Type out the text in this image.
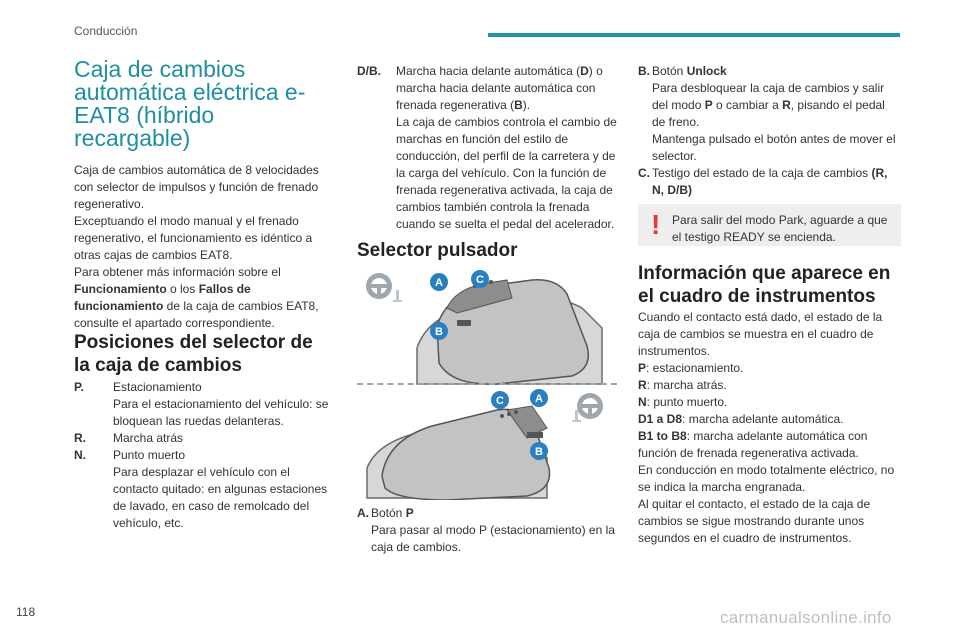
Conducción
Caja de cambios automática eléctrica e-EAT8 (híbrido recargable)

Caja de cambios automática de 8 velocidades con selector de impulsos y función de frenado regenerativo.

Exceptuando el modo manual y el frenado regenerativo, el funcionamiento es idéntico a otras cajas de cambios EAT8.

Para obtener más información sobre el Funcionamiento o los Fallos de funcionamiento de la caja de cambios EAT8, consulte el apartado correspondiente.

Posiciones del selector de la caja de cambios
P. Estacionamiento
Para el estacionamiento del vehículo: se bloquean las ruedas delanteras.
R. Marcha atrás
N. Punto muerto
Para desplazar el vehículo con el contacto quitado: en algunas estaciones de lavado, en caso de remolcado del vehículo, etc.
D/B. Marcha hacia delante automática (D) o marcha hacia delante automática con frenada regenerativa (B).
La caja de cambios controla el cambio de marchas en función del estilo de conducción, del perfil de la carretera y de la carga del vehículo. Con la función de frenada regenerativa activada, la caja de cambios también controla la frenada cuando se suelta el pedal del acelerador.
Selector pulsador
A	C
B
C	A
B
A. Botón P
Para pasar al modo P (estacionamiento) en la caja de cambios.
B. Botón Unlock
Para desbloquear la caja de cambios y salir del modo P o cambiar a R, pisando el pedal de freno.
Mantenga pulsado el botón antes de mover el selector.
C. Testigo del estado de la caja de cambios (R, N, D/B)
! Para salir del modo Park, aguarde a que el testigo READY se encienda.
Información que aparece en el cuadro de instrumentos

Cuando el contacto está dado, el estado de la caja de cambios se muestra en el cuadro de instrumentos.

P: estacionamiento.

R: marcha atrás.

N: punto muerto.

D1 a D8: marcha adelante automática.

B1 to B8: marcha adelante automática con función de frenada regenerativa activada.

En conducción en modo totalmente eléctrico, no se indica la marcha engranada.

Al quitar el contacto, el estado de la caja de cambios se sigue mostrando durante unos segundos en el cuadro de instrumentos.

118	carmanualsonline.info
